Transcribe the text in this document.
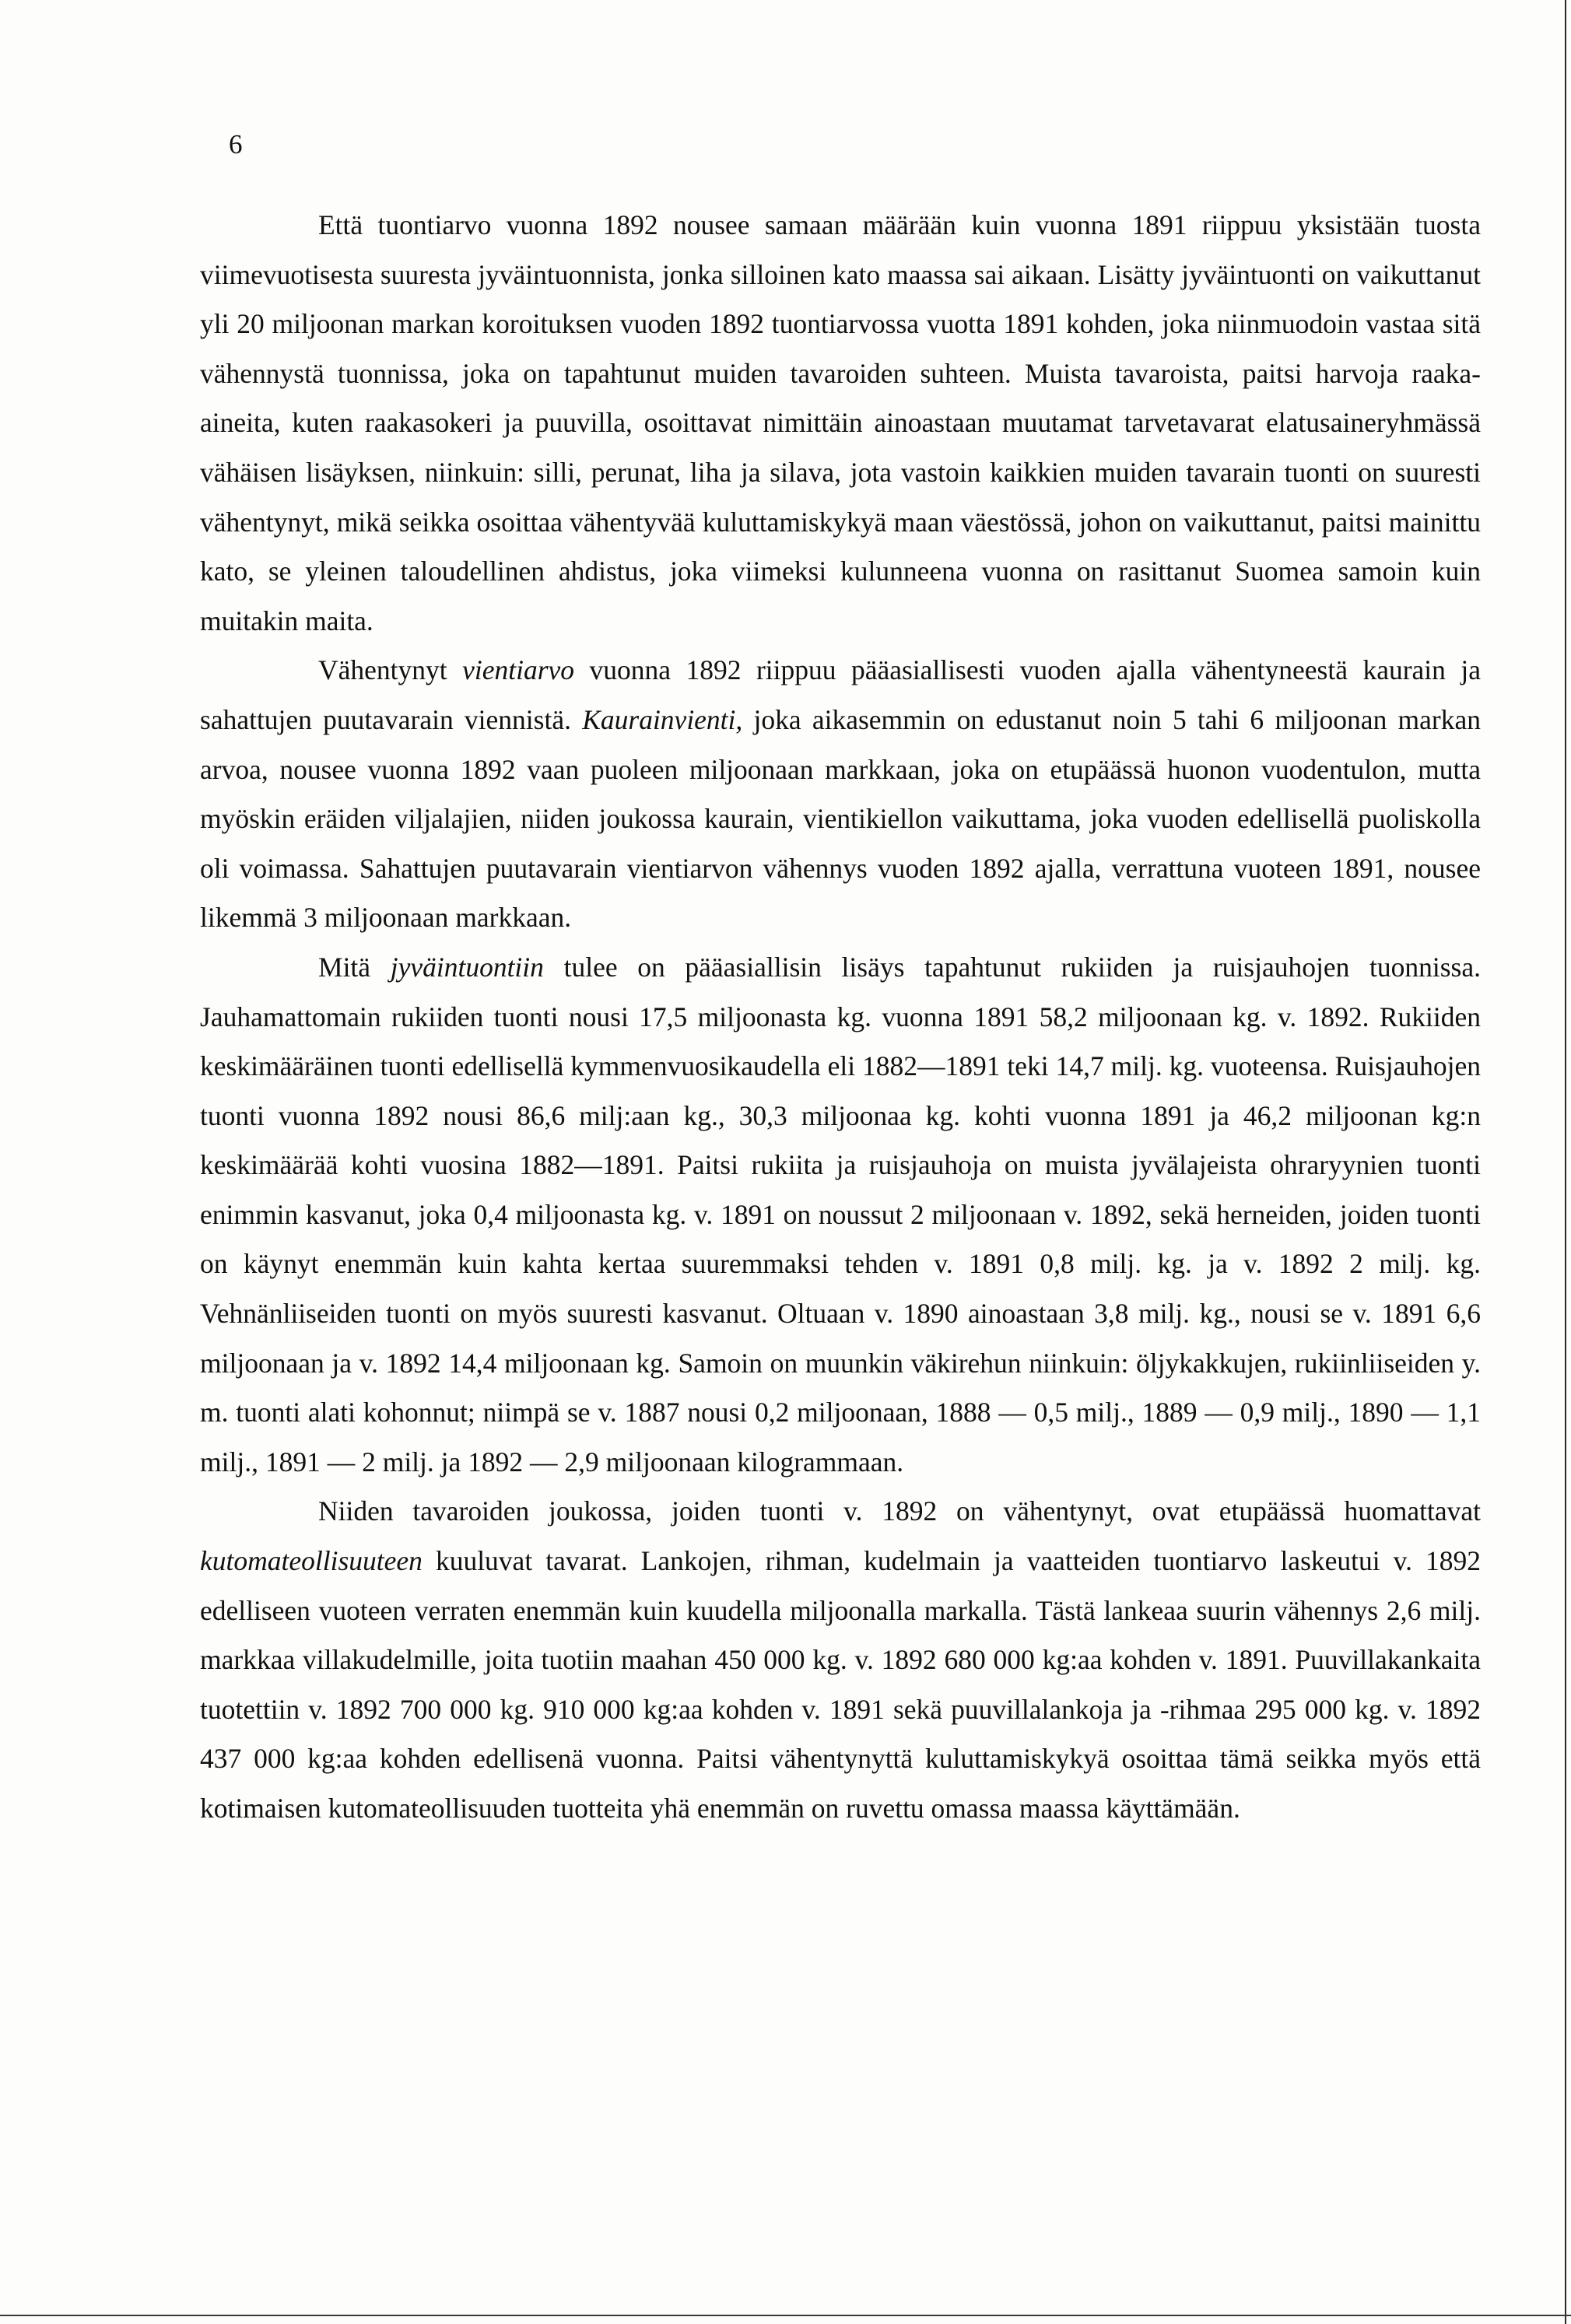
6

Että tuontiarvo vuonna 1892 nousee samaan määrään kuin vuonna 1891 riippuu yksistään tuosta viimevuotisesta suuresta jyväintuonnista, jonka silloinen kato maassa sai aikaan. Lisätty jyväintuonti on vaikuttanut yli 20 miljoonan markan koroituksen vuoden 1892 tuontiarvossa vuotta 1891 kohden, joka niinmuodoin vastaa sitä vähennystä tuonnissa, joka on tapahtunut muiden tavaroiden suhteen. Muista tavaroista, paitsi harvoja raaka-aineita, kuten raakasokeri ja puuvilla, osoittavat nimittäin ainoastaan muutamat tarvetavarat elatusaineryhmässä vähäisen lisäyksen, niinkuin: silli, perunat, liha ja silava, jota vastoin kaikkien muiden tavarain tuonti on suuresti vähentynyt, mikä seikka osoittaa vähentyvää kuluttamiskykyä maan väestössä, johon on vaikuttanut, paitsi mainittu kato, se yleinen taloudellinen ahdistus, joka viimeksi kulunneena vuonna on rasittanut Suomea samoin kuin muitakin maita.

Vähentynyt vientiarvo vuonna 1892 riippuu pääasiallisesti vuoden ajalla vähentyneestä kaurain ja sahattujen puutavarain viennistä. Kaurainvienti, joka aikasemmin on edustanut noin 5 tahi 6 miljoonan markan arvoa, nousee vuonna 1892 vaan puoleen miljoonaan markkaan, joka on etupäässä huonon vuodentulon, mutta myöskin eräiden viljalajien, niiden joukossa kaurain, vientikiellon vaikuttama, joka vuoden edellisellä puoliskolla oli voimassa. Sahattujen puutavarain vientiarvon vähennys vuoden 1892 ajalla, verrattuna vuoteen 1891, nousee likemmä 3 miljoonaan markkaan.

Mitä jyväintuontiin tulee on pääasiallisin lisäys tapahtunut rukiiden ja ruisjauhojen tuonnissa. Jauhamattomain rukiiden tuonti nousi 17,5 miljoonasta kg. vuonna 1891 58,2 miljoonaan kg. v. 1892. Rukiiden keskimääräinen tuonti edellisellä kymmenvuosikaudella eli 1882—1891 teki 14,7 milj. kg. vuoteensa. Ruisjauhojen tuonti vuonna 1892 nousi 86,6 milj:aan kg., 30,3 miljoonaa kg. kohti vuonna 1891 ja 46,2 miljoonan kg:n keskimäärää kohti vuosina 1882—1891. Paitsi rukiita ja ruisjauhoja on muista jyvälajeista ohraryynien tuonti enimmin kasvanut, joka 0,4 miljoonasta kg. v. 1891 on noussut 2 miljoonaan v. 1892, sekä herneiden, joiden tuonti on käynyt enemmän kuin kahta kertaa suuremmaksi tehden v. 1891 0,8 milj. kg. ja v. 1892 2 milj. kg. Vehnänliiseiden tuonti on myös suuresti kasvanut. Oltuaan v. 1890 ainoastaan 3,8 milj. kg., nousi se v. 1891 6,6 miljoonaan ja v. 1892 14,4 miljoonaan kg. Samoin on muunkin väkirehun niinkuin: öljykakkujen, rukiinliiseiden y. m. tuonti alati kohonnut; niimpä se v. 1887 nousi 0,2 miljoonaan, 1888 — 0,5 milj., 1889 — 0,9 milj., 1890 — 1,1 milj., 1891 — 2 milj. ja 1892 — 2,9 miljoonaan kilogrammaan.

Niiden tavaroiden joukossa, joiden tuonti v. 1892 on vähentynyt, ovat etupäässä huomattavat kutomateollisuuteen kuuluvat tavarat. Lankojen, rihman, kudelmain ja vaatteiden tuontiarvo laskeutui v. 1892 edelliseen vuoteen verraten enemmän kuin kuudella miljoonalla markalla. Tästä lankeaa suurin vähennys 2,6 milj. markkaa villakudelmille, joita tuotiin maahan 450 000 kg. v. 1892 680 000 kg:aa kohden v. 1891. Puuvillakankaita tuotettiin v. 1892 700 000 kg. 910 000 kg:aa kohden v. 1891 sekä puuvillalankoja ja -rihmaa 295 000 kg. v. 1892 437 000 kg:aa kohden edellisenä vuonna. Paitsi vähentynyttä kuluttamiskykyä osoittaa tämä seikka myös että kotimaisen kutomateollisuuden tuotteita yhä enemmän on ruvettu omassa maassa käyttämään.
